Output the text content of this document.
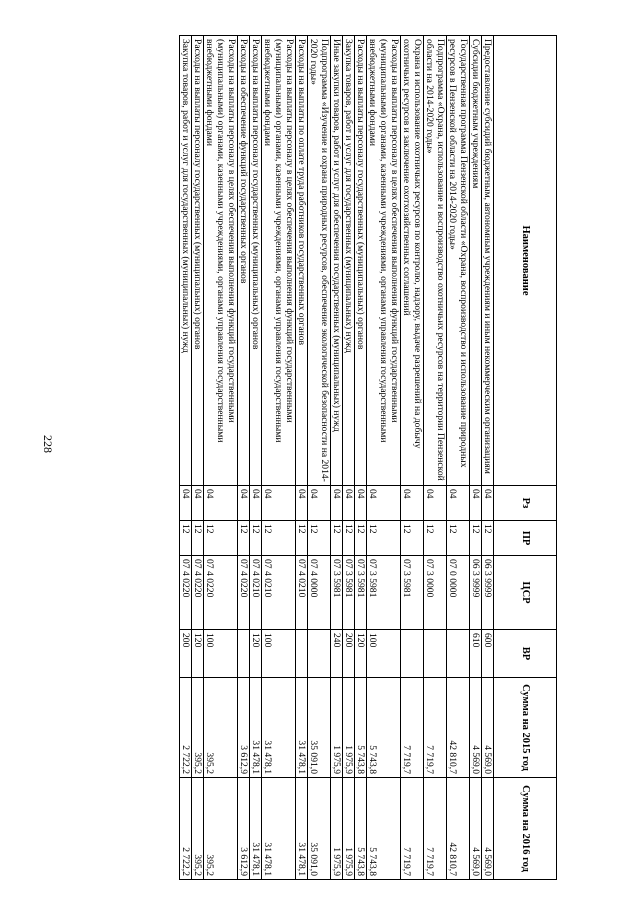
228
Наименование	Рз	ПР	ЦСР	ВР	Сумма на 2015 год	Сумма на 2016 год
Предоставление субсидий бюджетным, автономным учреждениям и иным некоммерческим организациям	04	12	06 3 9999	600	4 569,0	4 569,0
Субсидии бюджетным учреждениям	04	12	06 3 9999	610	4 569,0	4 569,0
Государственная программа Пензенской области «Охрана, воспроизводство и использование природных ресурсов в Пензенской области на 2014-2020 годы»	04	12	07 0 0000		42 810,7	42 810,7
Подпрограмма «Охрана, использование и воспроизводство охотничьих ресурсов на территории Пензенской области на 2014-2020 годы»	04	12	07 3 0000		7 719,7	7 719,7
Охрана и использование охотничьих ресурсов по контролю, надзору, выдаче разрешений на добычу охотничьих ресурсов и заключение охотхозяйственных соглашений	04	12	07 3 5981		7 719,7	7 719,7
Расходы на выплаты персоналу в целях обеспечения выполнения функций государственными (муниципальными) органами, казенными учреждениями, органами управления государственными внебюджетными фондами	04	12	07 3 5981	100	5 743,8	5 743,8
Расходы на выплаты персоналу государственных (муниципальных) органов	04	12	07 3 5981	120	5 743,8	5 743,8
Закупка товаров, работ и услуг для государственных (муниципальных) нужд	04	12	07 3 5981	200	1 975,9	1 975,9
Иные закупки товаров, работ и услуг для обеспечения государственных (муниципальных) нужд	04	12	07 3 5981	240	1 975,9	1 975,9
Подпрограмма «Изучение и охрана природных ресурсов, обеспечение экологической безопасности на 2014-2020 годы»	04	12	07 4 0000		35 091,0	35 091,0
Расходы на выплаты по оплате труда работников государственных органов	04	12	07 4 0210		31 478,1	31 478,1
Расходы на выплаты персоналу в целях обеспечения выполнения функций государственными (муниципальными) органами, казенными учреждениями, органами управления государственными внебюджетными фондами	04	12	07 4 0210	100	31 478,1	31 478,1
Расходы на выплаты персоналу государственных (муниципальных) органов	04	12	07 4 0210	120	31 478,1	31 478,1
Расходы на обеспечение функций государственных органов	04	12	07 4 0220		3 612,9	3 612,9
Расходы на выплаты персоналу в целях обеспечения выполнения функций государственными (муниципальными) органами, казенными учреждениями, органами управления государственными внебюджетными фондами	04	12	07 4 0220	100	395,2	395,2
Расходы на выплаты персоналу государственных (муниципальных) органов	04	12	07 4 0220	120	395,2	395,2
Закупка товаров, работ и услуг для государственных (муниципальных) нужд	04	12	07 4 0220	200	2 722,2	2 722,2
